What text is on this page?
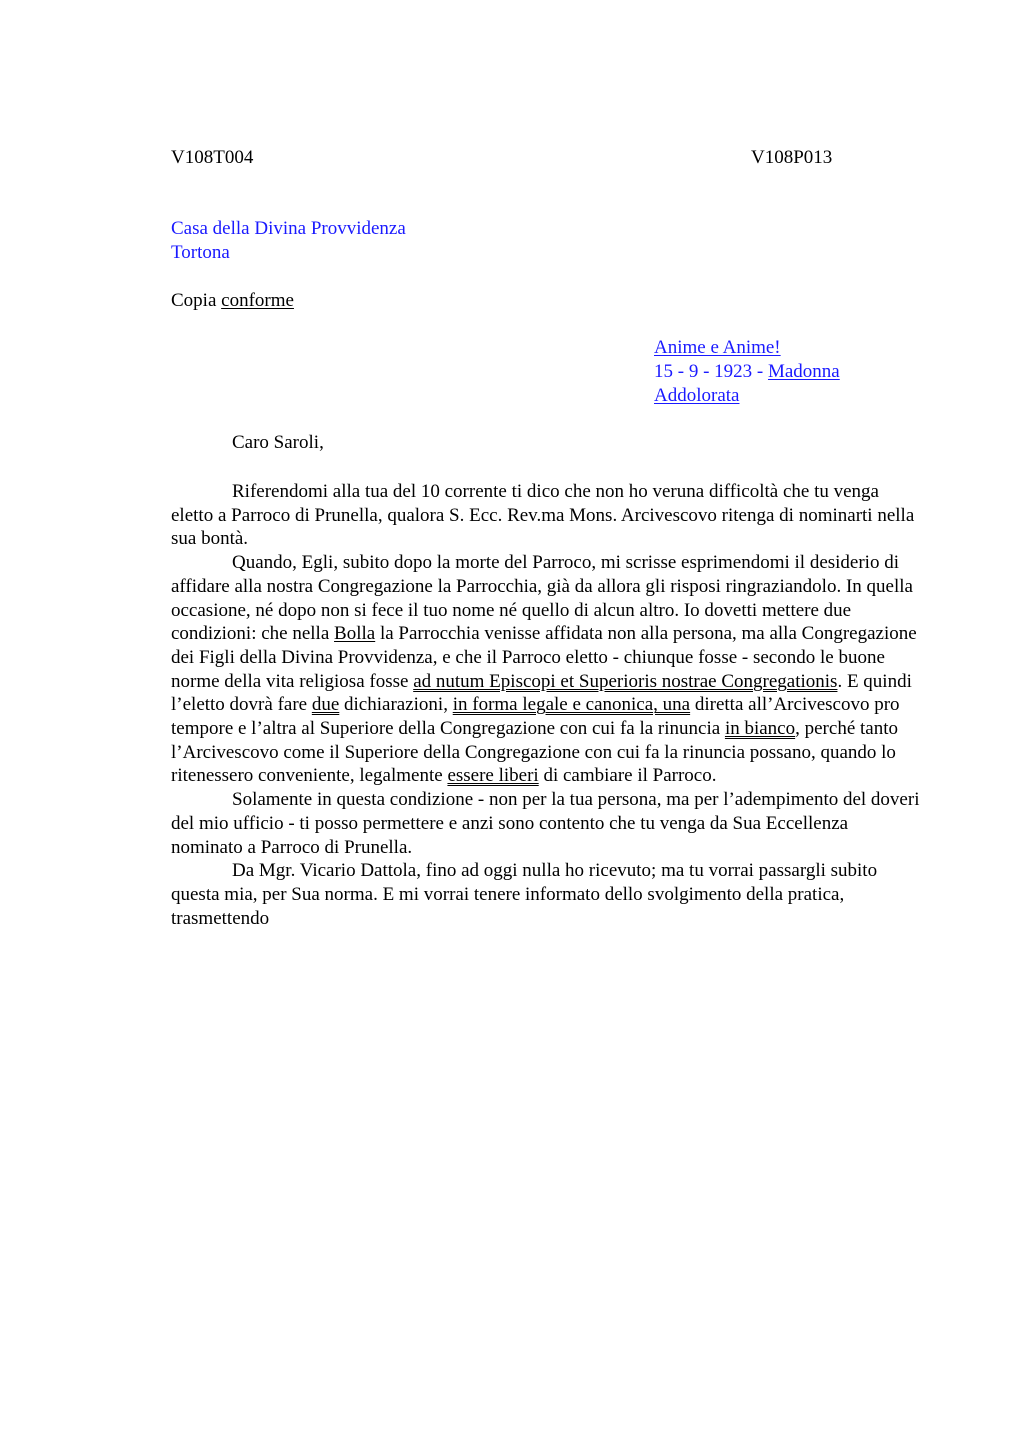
V108T004	V108P013
Casa della Divina Provvidenza
Tortona
Copia conforme
Anime e Anime!
15 - 9 - 1923 - Madonna
Addolorata
Caro Saroli,

Riferendomi alla tua del 10 corrente ti dico che non ho veruna difficoltà che tu venga eletto a Parroco di Prunella, qualora S. Ecc. Rev.ma Mons. Arcivescovo ritenga di nominarti nella sua bontà.

Quando, Egli, subito dopo la morte del Parroco, mi scrisse esprimendomi il desiderio di affidare alla nostra Congregazione la Parrocchia, già da allora gli risposi ringraziandolo. In quella occasione, né dopo non si fece il tuo nome né quello di alcun altro. Io dovetti mettere due condizioni: che nella Bolla la Parrocchia venisse affidata non alla persona, ma alla Congregazione dei Figli della Divina Provvidenza, e che il Parroco eletto - chiunque fosse - secondo le buone norme della vita religiosa fosse ad nutum Episcopi et Superioris nostrae Congregationis. E quindi l’eletto dovrà fare due dichiarazioni, in forma legale e canonica, una diretta all’Arcivescovo pro tempore e l’altra al Superiore della Congregazione con cui fa la rinuncia in bianco, perché tanto l’Arcivescovo come il Superiore della Congregazione con cui fa la rinuncia possano, quando lo ritenessero conveniente, legalmente essere liberi di cambiare il Parroco.

Solamente in questa condizione - non per la tua persona, ma per l’adempimento del doveri del mio ufficio - ti posso permettere e anzi sono contento che tu venga da Sua Eccellenza nominato a Parroco di Prunella.

Da Mgr. Vicario Dattola, fino ad oggi nulla ho ricevuto; ma tu vorrai passargli subito questa mia, per Sua norma. E mi vorrai tenere informato dello svolgimento della pratica, trasmettendo
